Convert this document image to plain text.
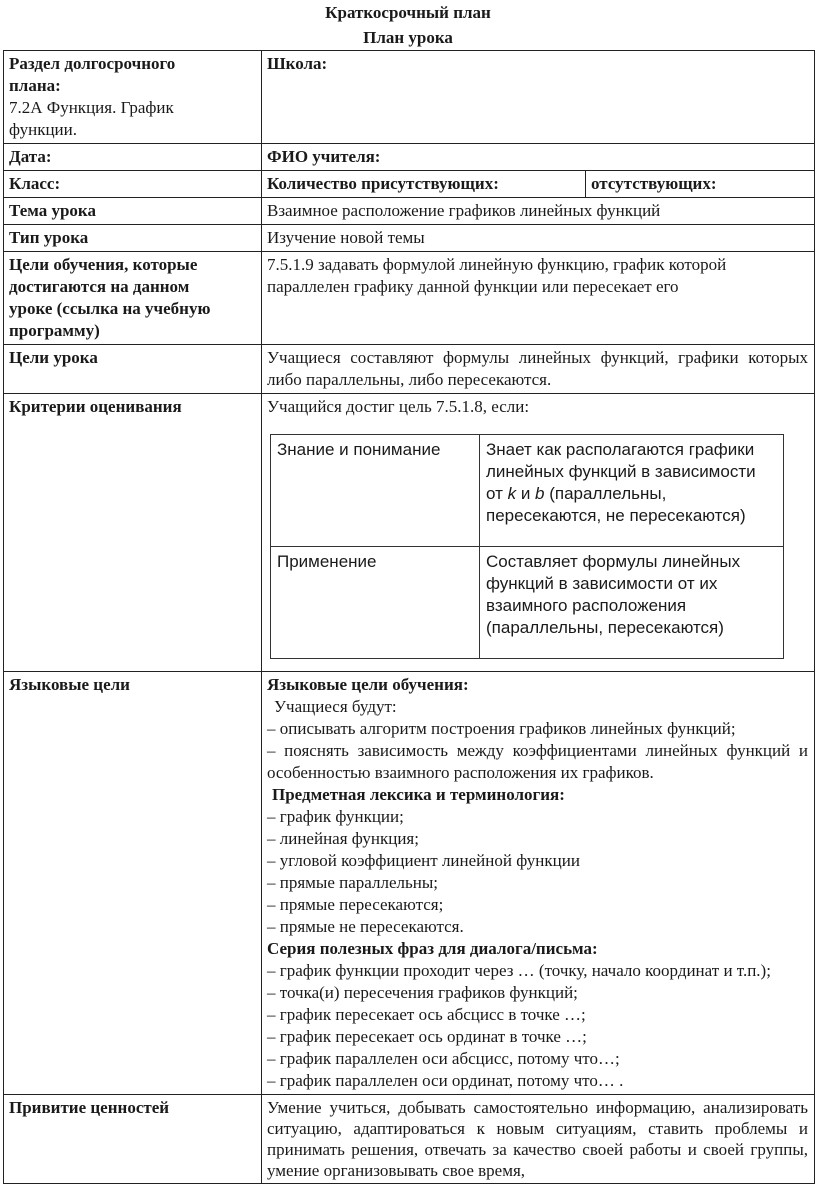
Краткосрочный план
План урока
Раздел долгосрочного
плана:
7.2А Функция. График
функции.
	Школа:
Дата:	ФИО учителя:
Класс:	Количество присутствующих:	отсутствующих:
Тема урока	Взаимное расположение графиков линейных функций
Тип урока	Изучение новой темы

Цели обучения, которые
достигаются на данном
уроке (ссылка на учебную
программу)
	7.5.1.9 задавать формулой линейную функцию, график которой параллелен графику данной функции или пересекает его
Цели урока	Учащиеся составляют формулы линейных функций, графики которых либо параллельны, либо пересекаются.
Критерии оценивания	Учащийся достиг цель 7.5.1.8, если:
Знание и понимание	Знает как располагаются графики
линейных функций в зависимости
от k и b (параллельны,
пересекаются, не пересекаются)

Применение	Составляет формулы линейных
функций в зависимости от их
взаимного расположения
(параллельны, пересекаются)

Языковые цели	Языковые цели обучения:
Учащиеся будут:
– описывать алгоритм построения графиков линейных функций;
– пояснять зависимость между коэффициентами линейных функций и особенностью взаимного расположения их графиков.
Предметная лексика и терминология:
– график функции;
– линейная функция;
– угловой коэффициент линейной функции
– прямые параллельны;
– прямые пересекаются;
– прямые не пересекаются.
Серия полезных фраз для диалога/письма:
– график функции проходит через … (точку, начало координат и т.п.);
– точка(и) пересечения графиков функций;
– график пересекает ось абсцисс в точке …;
– график пересекает ось ординат в точке …;
– график параллелен оси абсцисс, потому что…;
– график параллелен оси ординат, потому что… .

Привитие ценностей	Умение учиться, добывать самостоятельно информацию, анализировать ситуацию, адаптироваться к новым ситуациям, ставить проблемы и принимать решения, отвечать за качество своей работы и своей группы, умение организовывать свое время,
